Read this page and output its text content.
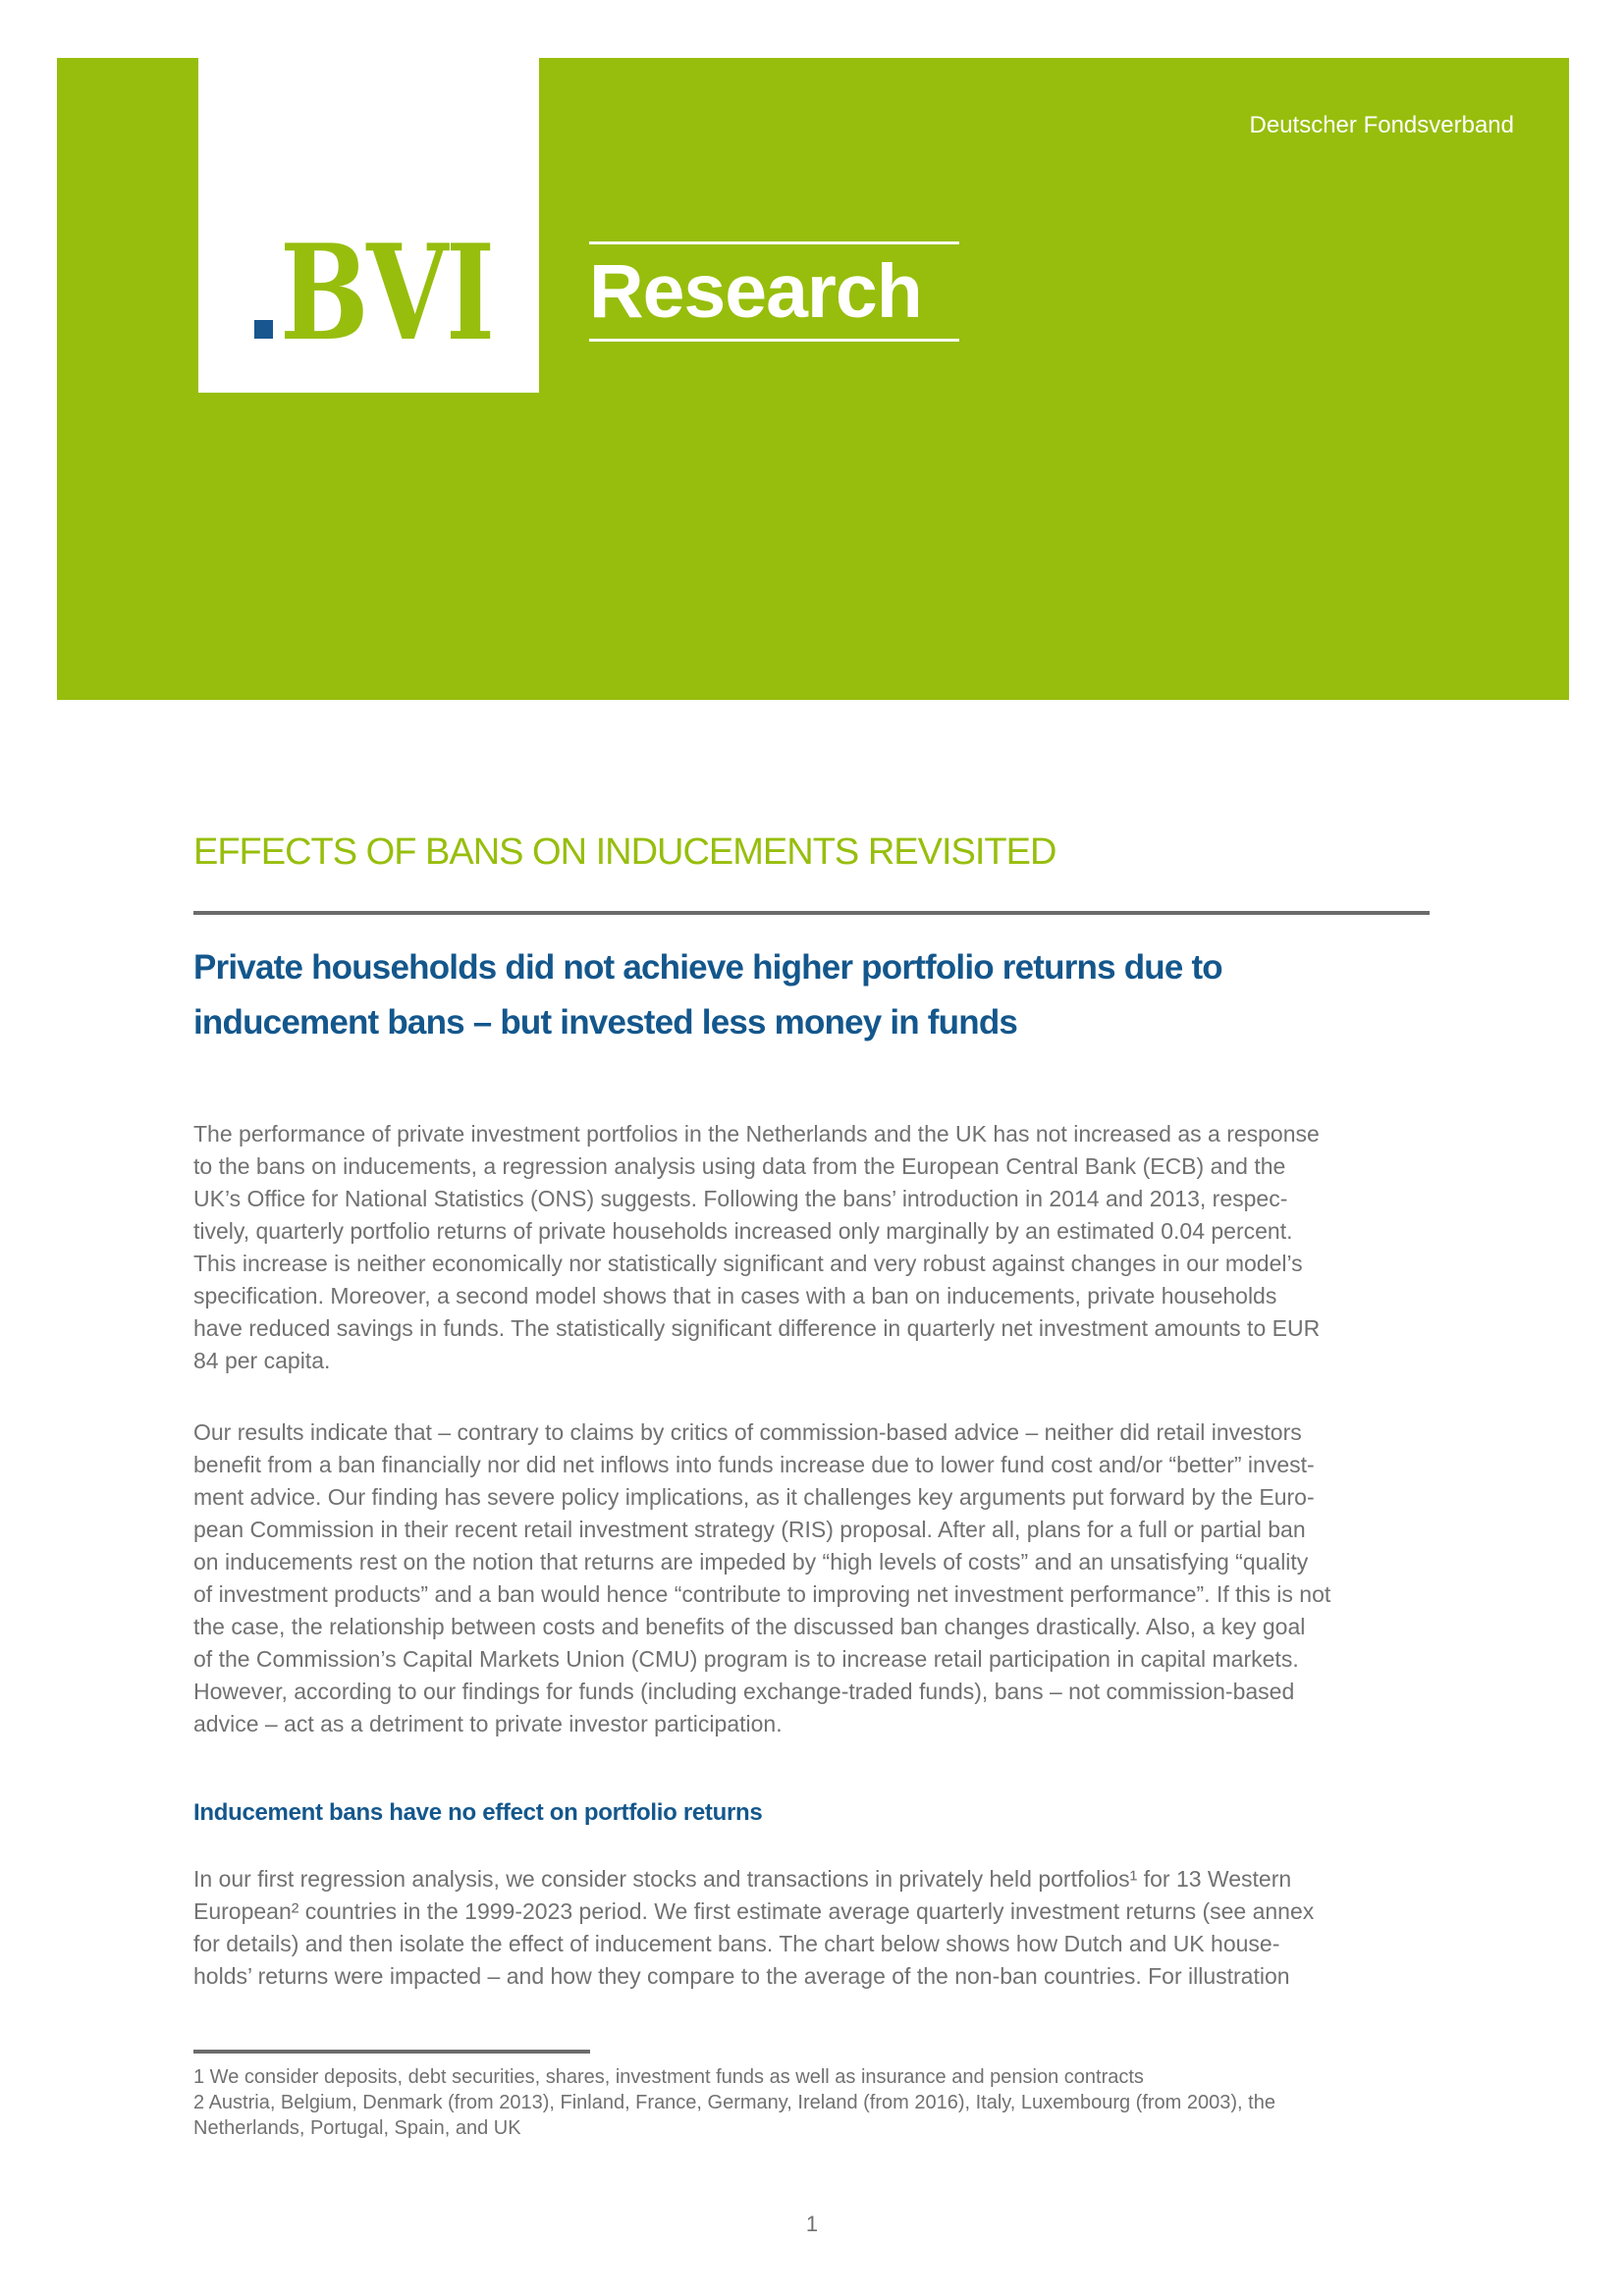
BVI
Deutscher Fondsverband
Research
EFFECTS OF BANS ON INDUCEMENTS REVISITED
Private households did not achieve higher portfolio returns due to
inducement bans – but invested less money in funds
The performance of private investment portfolios in the Netherlands and the UK has not increased as a response
to the bans on inducements, a regression analysis using data from the European Central Bank (ECB) and the
UK’s Office for National Statistics (ONS) suggests. Following the bans’ introduction in 2014 and 2013, respec-
tively, quarterly portfolio returns of private households increased only marginally by an estimated 0.04 percent.
This increase is neither economically nor statistically significant and very robust against changes in our model’s
specification. Moreover, a second model shows that in cases with a ban on inducements, private households
have reduced savings in funds. The statistically significant difference in quarterly net investment amounts to EUR
84 per capita.
Our results indicate that – contrary to claims by critics of commission-based advice – neither did retail investors
benefit from a ban financially nor did net inflows into funds increase due to lower fund cost and/or “better” invest-
ment advice. Our finding has severe policy implications, as it challenges key arguments put forward by the Euro-
pean Commission in their recent retail investment strategy (RIS) proposal. After all, plans for a full or partial ban
on inducements rest on the notion that returns are impeded by “high levels of costs” and an unsatisfying “quality
of investment products” and a ban would hence “contribute to improving net investment performance”. If this is not
the case, the relationship between costs and benefits of the discussed ban changes drastically. Also, a key goal
of the Commission’s Capital Markets Union (CMU) program is to increase retail participation in capital markets.
However, according to our findings for funds (including exchange-traded funds), bans – not commission-based
advice – act as a detriment to private investor participation.
Inducement bans have no effect on portfolio returns
In our first regression analysis, we consider stocks and transactions in privately held portfolios¹ for 13 Western
European² countries in the 1999-2023 period. We first estimate average quarterly investment returns (see annex
for details) and then isolate the effect of inducement bans. The chart below shows how Dutch and UK house-
holds’ returns were impacted – and how they compare to the average of the non-ban countries. For illustration
1 We consider deposits, debt securities, shares, investment funds as well as insurance and pension contracts
2 Austria, Belgium, Denmark (from 2013), Finland, France, Germany, Ireland (from 2016), Italy, Luxembourg (from 2003), the
Netherlands, Portugal, Spain, and UK
1
